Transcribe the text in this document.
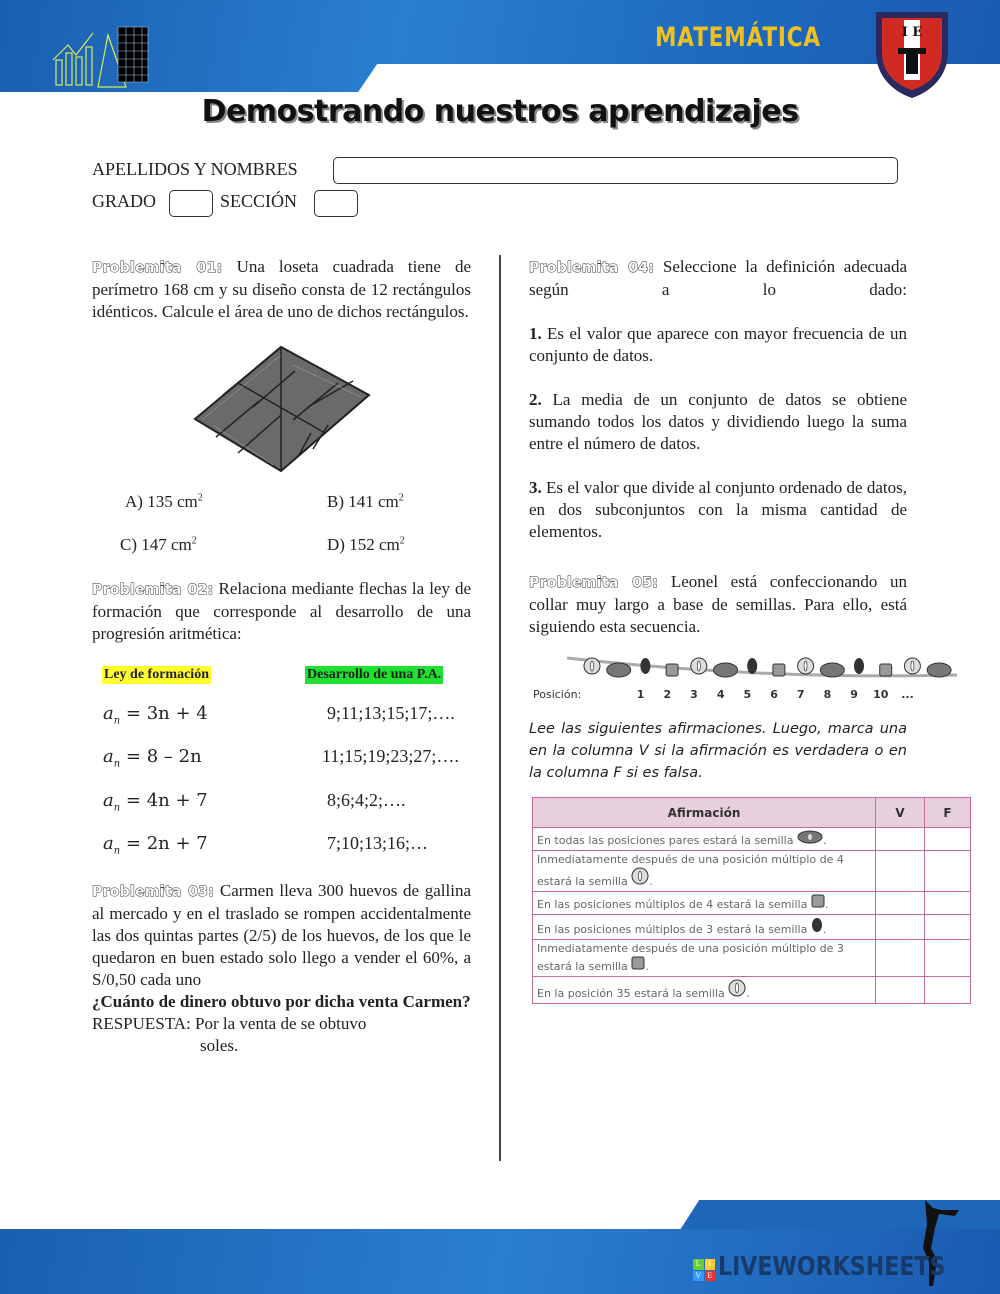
MATEMÁTICA	I E
Demostrando nuestros aprendizajes
APELLIDOS Y NOMBRES
GRADO	SECCIÓN
Problemita 01: Una loseta cuadrada tiene de perímetro 168 cm y su diseño consta de 12 rectángulos idénticos. Calcule el área de uno de dichos rectángulos.
A) 135 $cm^2$	B) 141 $cm^2$
C) 147 $cm^2$	D) 152 $cm^2$
Problemita 02: Relaciona mediante flechas la ley de formación que corresponde al desarrollo de una progresión aritmética:
Ley de formación	Desarrollo de una P.A.
$a_n = 3n + 4$	9;11;13;15;17;….
$a_n = 8 - 2n$	11;15;19;23;27;….
$a_n = 4n + 7$	8;6;4;2;….
$a_n = 2n + 7$	7;10;13;16;…
Problemita 03: Carmen lleva 300 huevos de gallina al mercado y en el traslado se rompen accidentalmente las dos quintas partes (2/5) de los huevos, de los que le quedaron en buen estado solo llego a vender el 60%, a S/0,50 cada uno
¿Cuánto de dinero obtuvo por dicha venta Carmen?
RESPUESTA: Por la venta de se obtuvo
soles.
Problemita 04: Seleccione la definición adecuada según a lo dado:
1. Es el valor que aparece con mayor frecuencia de un conjunto de datos.
2. La media de un conjunto de datos se obtiene sumando todos los datos y dividiendo luego la suma entre el número de datos.
3. Es el valor que divide al conjunto ordenado de datos, en dos subconjuntos con la misma cantidad de elementos.
Problemita 05: Leonel está confeccionando un collar muy largo a base de semillas. Para ello, está siguiendo esta secuencia.
Posición:	1 2 3 4 5 6 7 8 9 10 ...
Lee las siguientes afirmaciones. Luego, marca una en la columna V si la afirmación es verdadera o en la columna F si es falsa.
Afirmación	V	F
En todas las posiciones pares estará la semilla .		
Inmediatamente después de una posición múltiplo de 4 estará la semilla .		
En las posiciones múltiplos de 4 estará la semilla .		
En las posiciones múltiplos de 3 estará la semilla .		
Inmediatamente después de una posición múltiplo de 3 estará la semilla .		
En la posición 35 estará la semilla .		
L I
V E LIVEWORKSHEETS
